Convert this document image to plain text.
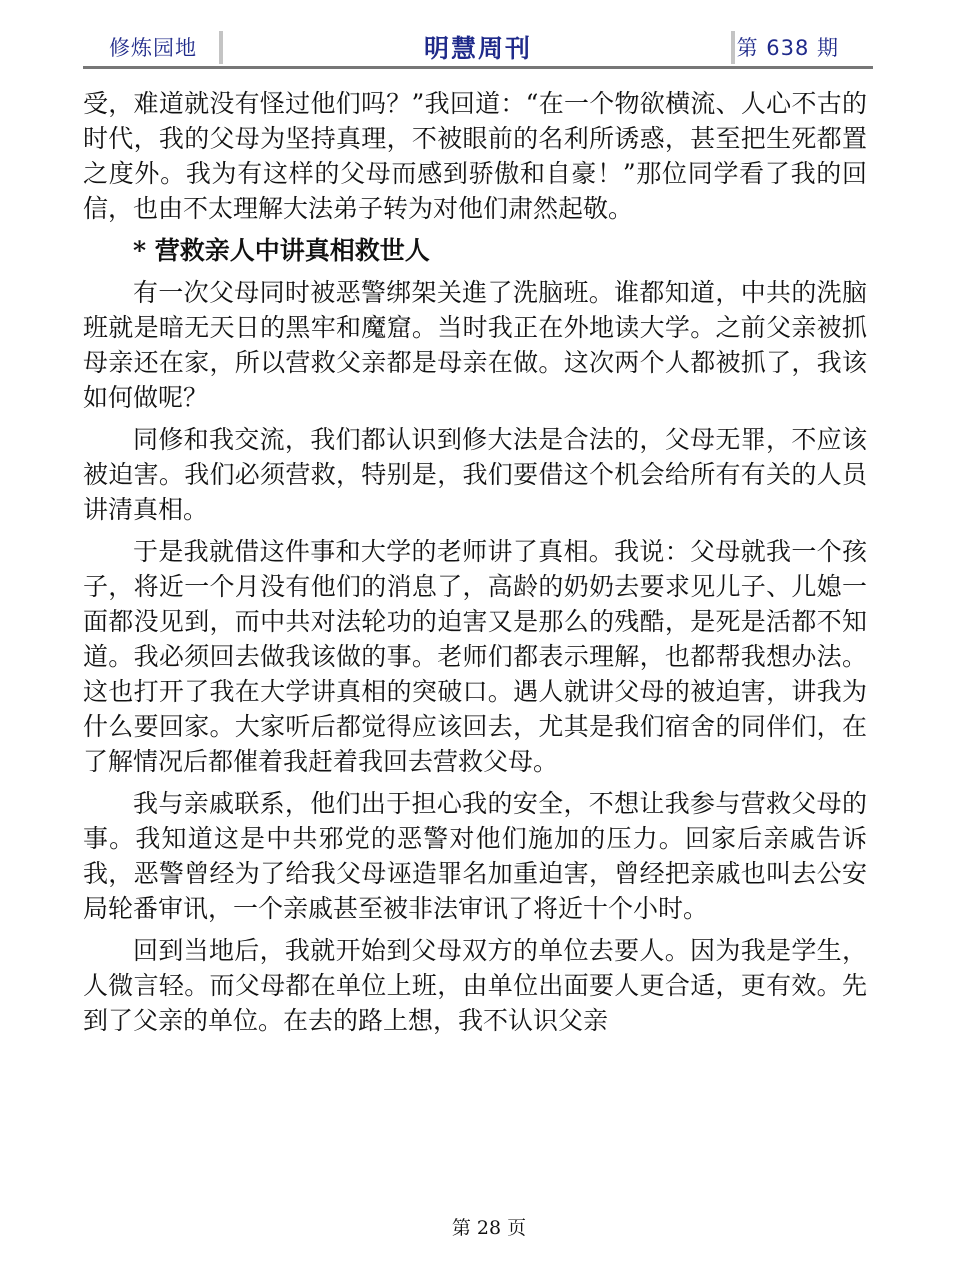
修炼园地	明慧周刊	第 638 期

受，难道就没有怪过他们吗？”我回道：“在一个物欲横流、人心不古的时代，我的父母为坚持真理，不被眼前的名利所诱惑，甚至把生死都置之度外。我为有这样的父母而感到骄傲和自豪！”那位同学看了我的回信，也由不太理解大法弟子转为对他们肃然起敬。

* 营救亲人中讲真相救世人

有一次父母同时被恶警绑架关進了洗脑班。谁都知道，中共的洗脑班就是暗无天日的黑牢和魔窟。当时我正在外地读大学。之前父亲被抓母亲还在家，所以营救父亲都是母亲在做。这次两个人都被抓了，我该如何做呢？

同修和我交流，我们都认识到修大法是合法的，父母无罪，不应该被迫害。我们必须营救，特别是，我们要借这个机会给所有有关的人员讲清真相。

于是我就借这件事和大学的老师讲了真相。我说：父母就我一个孩子，将近一个月没有他们的消息了，高龄的奶奶去要求见儿子、儿媳一面都没见到，而中共对法轮功的迫害又是那么的残酷，是死是活都不知道。我必须回去做我该做的事。老师们都表示理解，也都帮我想办法。这也打开了我在大学讲真相的突破口。遇人就讲父母的被迫害，讲我为什么要回家。大家听后都觉得应该回去，尤其是我们宿舍的同伴们，在了解情况后都催着我赶着我回去营救父母。

我与亲戚联系，他们出于担心我的安全，不想让我参与营救父母的事。我知道这是中共邪党的恶警对他们施加的压力。回家后亲戚告诉我，恶警曾经为了给我父母诬造罪名加重迫害，曾经把亲戚也叫去公安局轮番审讯，一个亲戚甚至被非法审讯了将近十个小时。

回到当地后，我就开始到父母双方的单位去要人。因为我是学生，人微言轻。而父母都在单位上班，由单位出面要人更合适，更有效。先到了父亲的单位。在去的路上想，我不认识父亲

第 28 页
